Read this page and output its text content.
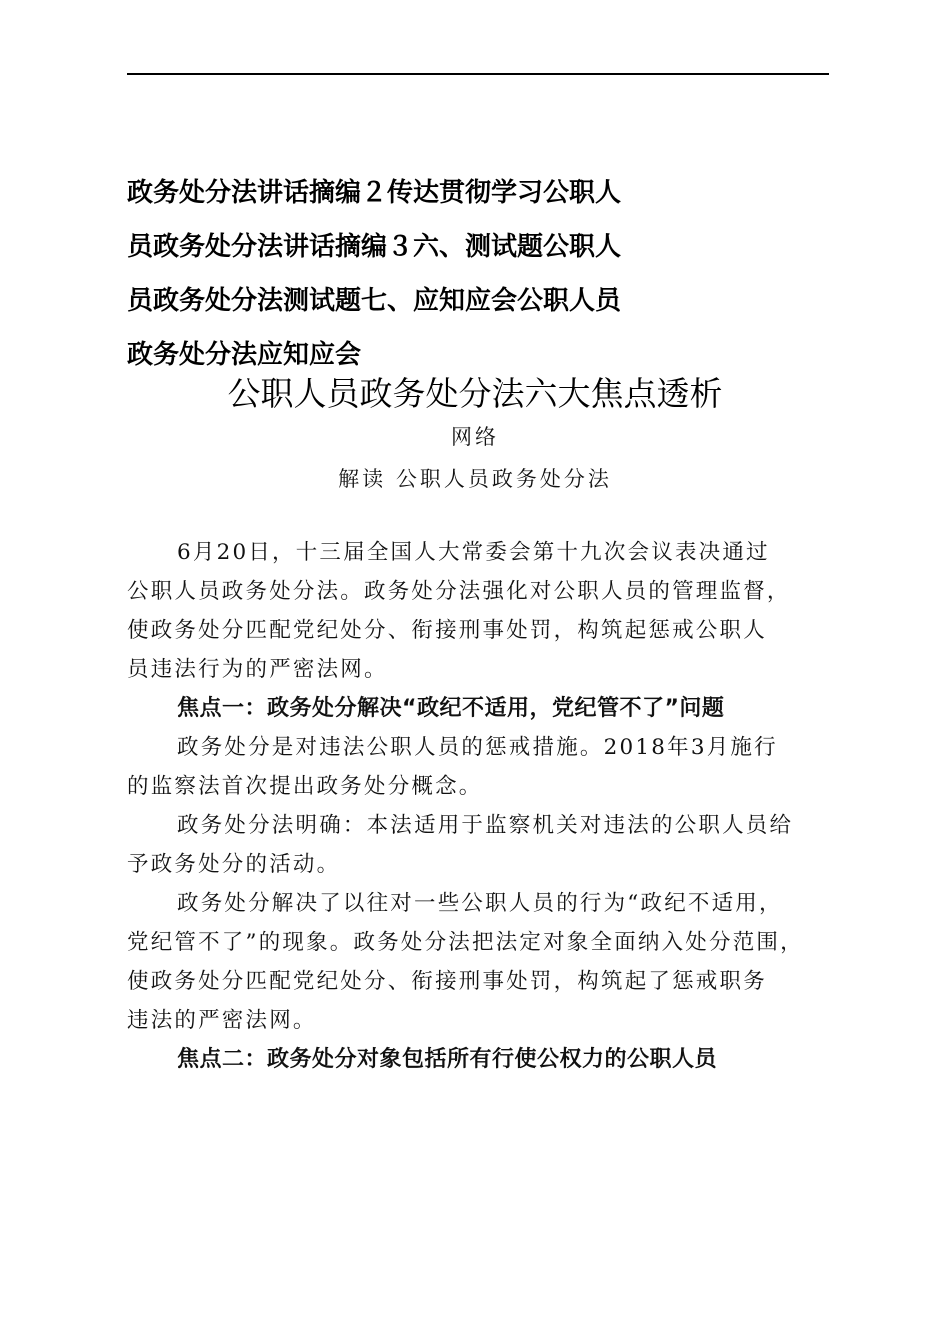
政务处分法讲话摘编２传达贯彻学习公职人
员政务处分法讲话摘编３六、测试题公职人
员政务处分法测试题七、应知应会公职人员
政务处分法应知应会
公职人员政务处分法六大焦点透析
网络
解读 公职人员政务处分法
6月20日，十三届全国人大常委会第十九次会议表决通过
公职人员政务处分法。政务处分法强化对公职人员的管理监督，
使政务处分匹配党纪处分、衔接刑事处罚，构筑起惩戒公职人
员违法行为的严密法网。
焦点一：政务处分解决“政纪不适用，党纪管不了”问题
政务处分是对违法公职人员的惩戒措施。2018年3月施行
的监察法首次提出政务处分概念。
政务处分法明确：本法适用于监察机关对违法的公职人员给
予政务处分的活动。
政务处分解决了以往对一些公职人员的行为“政纪不适用，
党纪管不了”的现象。政务处分法把法定对象全面纳入处分范围，
使政务处分匹配党纪处分、衔接刑事处罚，构筑起了惩戒职务
违法的严密法网。
焦点二：政务处分对象包括所有行使公权力的公职人员
